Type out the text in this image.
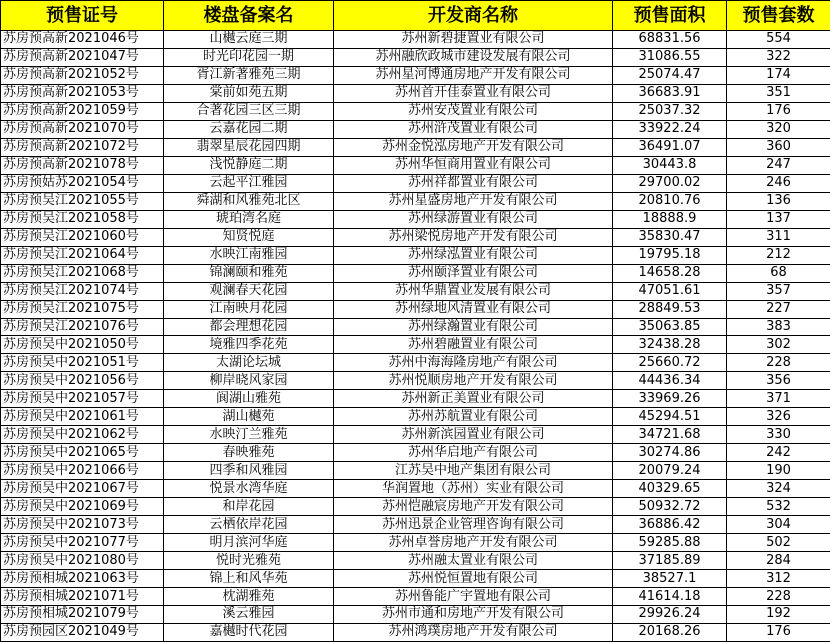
预售证号	楼盘备案名	开发商名称	预售面积	预售套数
苏房预高新2021046号	山樾云庭三期	苏州新碧捷置业有限公司	68831.56	554
苏房预高新2021047号	时光印花园一期	苏州融欣政城市建设发展有限公司	31086.55	322
苏房预高新2021052号	胥江新著雅苑三期	苏州星河博通房地产开发有限公司	25074.47	174
苏房预高新2021053号	棠前如苑五期	苏州首开佳泰置业有限公司	36683.91	351
苏房预高新2021059号	合著花园三区三期	苏州安茂置业有限公司	25037.32	176
苏房预高新2021070号	云嘉花园二期	苏州浒茂置业有限公司	33922.24	320
苏房预高新2021072号	翡翠星辰花园四期	苏州金悦泓房地产开发有限公司	36491.07	360
苏房预高新2021078号	浅悦静庭二期	苏州华恒商用置业有限公司	30443.8	247
苏房预姑苏2021054号	云起平江雅园	苏州祥都置业有限公司	29700.02	246
苏房预吴江2021055号	舜湖和风雅苑北区	苏州星盛房地产开发有限公司	20810.76	136
苏房预吴江2021058号	琥珀湾名庭	苏州绿游置业有限公司	18888.9	137
苏房预吴江2021060号	知贤悦庭	苏州梁悦房地产开发有限公司	35830.47	311
苏房预吴江2021064号	水映江南雅园	苏州绿泓置业有限公司	19795.18	212
苏房预吴江2021068号	锦澜颐和雅苑	苏州颐泽置业有限公司	14658.28	68
苏房预吴江2021074号	观澜春天花园	苏州华鼎置业发展有限公司	47051.61	357
苏房预吴江2021075号	江南映月花园	苏州绿地风清置业有限公司	28849.53	227
苏房预吴江2021076号	都会理想花园	苏州绿瀚置业有限公司	35063.85	383
苏房预吴中2021050号	境雅四季花苑	苏州碧融置业有限公司	32438.28	302
苏房预吴中2021051号	太湖论坛城	苏州中海海隆房地产有限公司	25660.72	228
苏房预吴中2021056号	柳岸晓风家园	苏州悦顺房地产开发有限公司	44436.34	356
苏房预吴中2021057号	阆湖山雅苑	苏州新正美置业有限公司	33969.26	371
苏房预吴中2021061号	湖山樾苑	苏州苏航置业有限公司	45294.51	326
苏房预吴中2021062号	水映汀兰雅苑	苏州新滨园置业有限公司	34721.68	330
苏房预吴中2021065号	春映雅苑	苏州华启地产有限公司	30274.86	242
苏房预吴中2021066号	四季和风雅园	江苏吴中地产集团有限公司	20079.24	190
苏房预吴中2021067号	悦景水湾华庭	华润置地（苏州）实业有限公司	40329.65	324
苏房预吴中2021069号	和岸花园	苏州恺融宸房地产开发有限公司	50932.72	532
苏房预吴中2021073号	云栖依岸花园	苏州迅景企业管理咨询有限公司	36886.42	304
苏房预吴中2021077号	明月滨河华庭	苏州卓誉房地产开发有限公司	59285.88	502
苏房预吴中2021080号	悦时光雅苑	苏州融太置业有限公司	37185.89	284
苏房预相城2021063号	锦上和风华苑	苏州悦恒置地有限公司	38527.1	312
苏房预相城2021071号	枕湖雅苑	苏州鲁能广宇置地有限公司	41614.18	228
苏房预相城2021079号	溪云雅园	苏州市通和房地产开发有限公司	29926.24	192
苏房预园区2021049号	嘉樾时代花园	苏州鸿璞房地产开发有限公司	20168.26	176
